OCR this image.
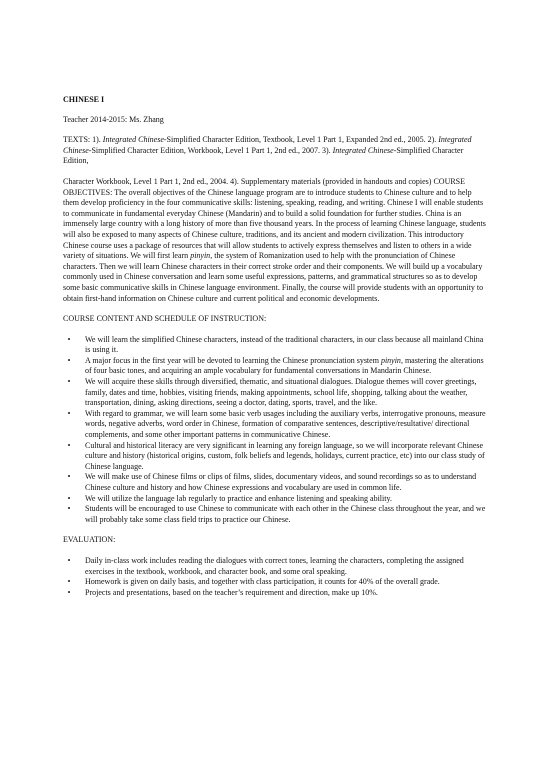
CHINESE I

Teacher 2014-2015: Ms. Zhang

TEXTS: 1). Integrated Chinese-Simplified Character Edition, Textbook, Level 1 Part 1, Expanded 2nd ed., 2005. 2). Integrated Chinese-Simplified Character Edition, Workbook, Level 1 Part 1, 2nd ed., 2007. 3). Integrated Chinese-Simplified Character Edition,

Character Workbook, Level 1 Part 1, 2nd ed., 2004. 4). Supplementary materials (provided in handouts and copies) COURSE OBJECTIVES: The overall objectives of the Chinese language program are to introduce students to Chinese culture and to help them develop proficiency in the four communicative skills: listening, speaking, reading, and writing. Chinese I will enable students to communicate in fundamental everyday Chinese (Mandarin) and to build a solid foundation for further studies. China is an immensely large country with a long history of more than five thousand years. In the process of learning Chinese language, students will also be exposed to many aspects of Chinese culture, traditions, and its ancient and modern civilization. This introductory Chinese course uses a package of resources that will allow students to actively express themselves and listen to others in a wide variety of situations. We will first learn pinyin, the system of Romanization used to help with the pronunciation of Chinese characters. Then we will learn Chinese characters in their correct stroke order and their components. We will build up a vocabulary commonly used in Chinese conversation and learn some useful expressions, patterns, and grammatical structures so as to develop some basic communicative skills in Chinese language environment. Finally, the course will provide students with an opportunity to obtain first-hand information on Chinese culture and current political and economic developments.

COURSE CONTENT AND SCHEDULE OF INSTRUCTION:

•	We will learn the simplified Chinese characters, instead of the traditional characters, in our class because all mainland China is using it.
•	A major focus in the first year will be devoted to learning the Chinese pronunciation system pinyin, mastering the alterations of four basic tones, and acquiring an ample vocabulary for fundamental conversations in Mandarin Chinese.
•	We will acquire these skills through diversified, thematic, and situational dialogues. Dialogue themes will cover greetings, family, dates and time, hobbies, visiting friends, making appointments, school life, shopping, talking about the weather, transportation, dining, asking directions, seeing a doctor, dating, sports, travel, and the like.
•	With regard to grammar, we will learn some basic verb usages including the auxiliary verbs, interrogative pronouns, measure words, negative adverbs, word order in Chinese, formation of comparative sentences, descriptive/resultative/ directional complements, and some other important patterns in communicative Chinese.
•	Cultural and historical literacy are very significant in learning any foreign language, so we will incorporate relevant Chinese culture and history (historical origins, custom, folk beliefs and legends, holidays, current practice, etc) into our class study of Chinese language.
•	We will make use of Chinese films or clips of films, slides, documentary videos, and sound recordings so as to understand Chinese culture and history and how Chinese expressions and vocabulary are used in common life.
•	We will utilize the language lab regularly to practice and enhance listening and speaking ability.
•	Students will be encouraged to use Chinese to communicate with each other in the Chinese class throughout the year, and we will probably take some class field trips to practice our Chinese.

EVALUATION:

•	Daily in-class work includes reading the dialogues with correct tones, learning the characters, completing the assigned exercises in the textbook, workbook, and character book, and some oral speaking.
•	Homework is given on daily basis, and together with class participation, it counts for 40% of the overall grade.
•	Projects and presentations, based on the teacher’s requirement and direction, make up 10%.
